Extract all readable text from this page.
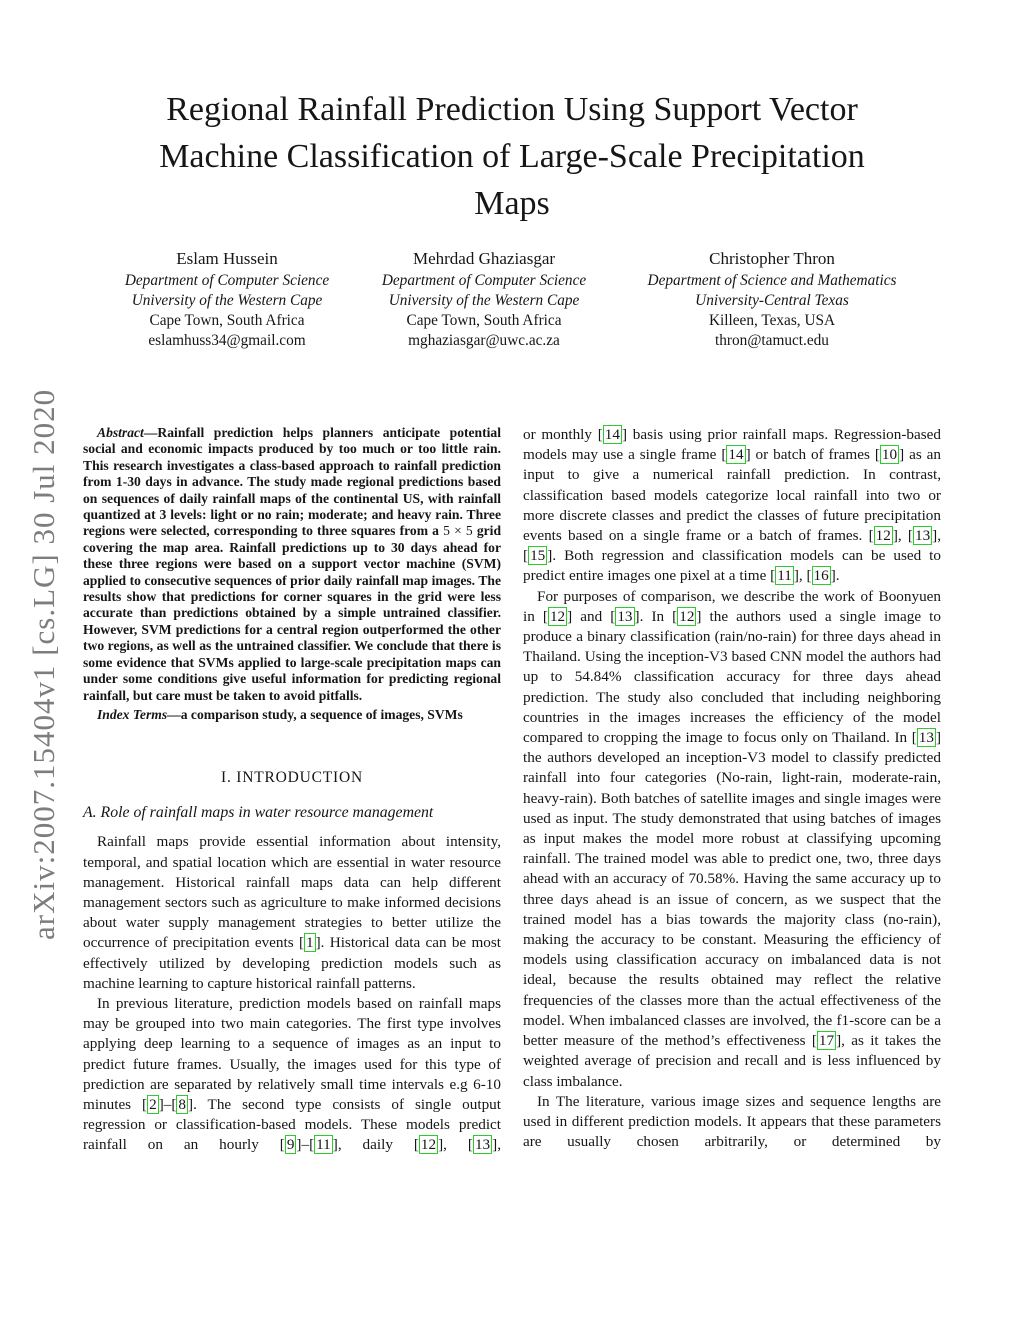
arXiv:2007.15404v1 [cs.LG] 30 Jul 2020
Regional Rainfall Prediction Using Support Vector
Machine Classification of Large-Scale Precipitation
Maps
Eslam Hussein
Department of Computer Science
University of the Western Cape
Cape Town, South Africa
eslamhuss34@gmail.com
Mehrdad Ghaziasgar
Department of Computer Science
University of the Western Cape
Cape Town, South Africa
mghaziasgar@uwc.ac.za
Christopher Thron
Department of Science and Mathematics
University-Central Texas
Killeen, Texas, USA
thron@tamuct.edu

Abstract—Rainfall prediction helps planners anticipate potential social and economic impacts produced by too much or too little rain. This research investigates a class-based approach to rainfall prediction from 1-30 days in advance. The study made regional predictions based on sequences of daily rainfall maps of the continental US, with rainfall quantized at 3 levels: light or no rain; moderate; and heavy rain. Three regions were selected, corresponding to three squares from a 5 × 5 grid covering the map area. Rainfall predictions up to 30 days ahead for these three regions were based on a support vector machine (SVM) applied to consecutive sequences of prior daily rainfall map images. The results show that predictions for corner squares in the grid were less accurate than predictions obtained by a simple untrained classifier. However, SVM predictions for a central region outperformed the other two regions, as well as the untrained classifier. We conclude that there is some evidence that SVMs applied to large-scale precipitation maps can under some conditions give useful information for predicting regional rainfall, but care must be taken to avoid pitfalls.

Index Terms—a comparison study, a sequence of images, SVMs

I. INTRODUCTION
A. Role of rainfall maps in water resource management

Rainfall maps provide essential information about intensity, temporal, and spatial location which are essential in water resource management. Historical rainfall maps data can help different management sectors such as agriculture to make informed decisions about water supply management strategies to better utilize the occurrence of precipitation events [ 1 ]. Historical data can be most effectively utilized by developing prediction models such as machine learning to capture historical rainfall patterns.

In previous literature, prediction models based on rainfall maps may be grouped into two main categories. The first type involves applying deep learning to a sequence of images as an input to predict future frames. Usually, the images used for this type of prediction are separated by relatively small time intervals e.g 6-10 minutes [ 2 ]–[ 8 ]. The second type consists of single output regression or classification-based models. These models predict rainfall on an hourly [ 9 ]–[ 11 ], daily [ 12 ], [ 13 ],

or monthly [ 14 ] basis using prior rainfall maps. Regression-based models may use a single frame [ 14 ] or batch of frames [ 10 ] as an input to give a numerical rainfall prediction. In contrast, classification based models categorize local rainfall into two or more discrete classes and predict the classes of future precipitation events based on a single frame or a batch of frames. [ 12 ], [ 13 ], [ 15 ]. Both regression and classification models can be used to predict entire images one pixel at a time [ 11 ], [ 16 ].

For purposes of comparison, we describe the work of Boonyuen in [ 12 ] and [ 13 ]. In [ 12 ] the authors used a single image to produce a binary classification (rain/no-rain) for three days ahead in Thailand. Using the inception-V3 based CNN model the authors had up to 54.84% classification accuracy for three days ahead prediction. The study also concluded that including neighboring countries in the images increases the efficiency of the model compared to cropping the image to focus only on Thailand. In [ 13 ] the authors developed an inception-V3 model to classify predicted rainfall into four categories (No-rain, light-rain, moderate-rain, heavy-rain). Both batches of satellite images and single images were used as input. The study demonstrated that using batches of images as input makes the model more robust at classifying upcoming rainfall. The trained model was able to predict one, two, three days ahead with an accuracy of 70.58%. Having the same accuracy up to three days ahead is an issue of concern, as we suspect that the trained model has a bias towards the majority class (no-rain), making the accuracy to be constant. Measuring the efficiency of models using classification accuracy on imbalanced data is not ideal, because the results obtained may reflect the relative frequencies of the classes more than the actual effectiveness of the model. When imbalanced classes are involved, the f1-score can be a better measure of the method’s effectiveness [ 17 ], as it takes the weighted average of precision and recall and is less influenced by class imbalance.

In The literature, various image sizes and sequence lengths are used in different prediction models. It appears that these parameters are usually chosen arbitrarily, or determined by
